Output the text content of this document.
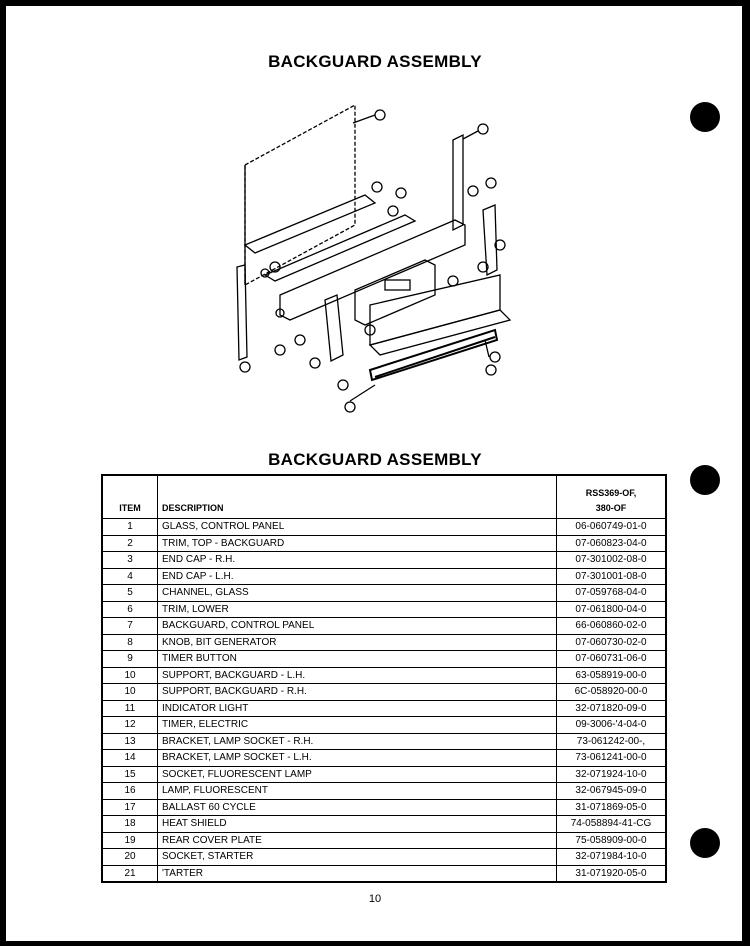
BACKGUARD ASSEMBLY
BACKGUARD ASSEMBLY
ITEM	DESCRIPTION	RSS369-OF,
380-OF
1	GLASS, CONTROL PANEL	06-060749-01-0
2	TRIM, TOP - BACKGUARD	07-060823-04-0
3	END CAP - R.H.	07-301002-08-0
4	END CAP - L.H.	07-301001-08-0
5	CHANNEL, GLASS	07-059768-04-0
6	TRIM, LOWER	07-061800-04-0
7	BACKGUARD, CONTROL PANEL	66-060860-02-0
8	KNOB, BIT GENERATOR	07-060730-02-0
9	TIMER BUTTON	07-060731-06-0
10	SUPPORT, BACKGUARD - L.H.	63-058919-00-0
10	SUPPORT, BACKGUARD - R.H.	6C-058920-00-0
11	INDICATOR LIGHT	32-071820-09-0
12	TIMER, ELECTRIC	09-3006-'4-04-0
13	BRACKET, LAMP SOCKET - R.H.	73-061242-00-,
14	BRACKET, LAMP SOCKET - L.H.	73-061241-00-0
15	SOCKET, FLUORESCENT LAMP	32-071924-10-0
16	LAMP, FLUORESCENT	32-067945-09-0
17	BALLAST 60 CYCLE	31-071869-05-0
18	HEAT SHIELD	74-058894-41-CG
19	REAR COVER PLATE	75-058909-00-0
20	SOCKET, STARTER	32-071984-10-0
21	'TARTER	31-071920-05-0
10
